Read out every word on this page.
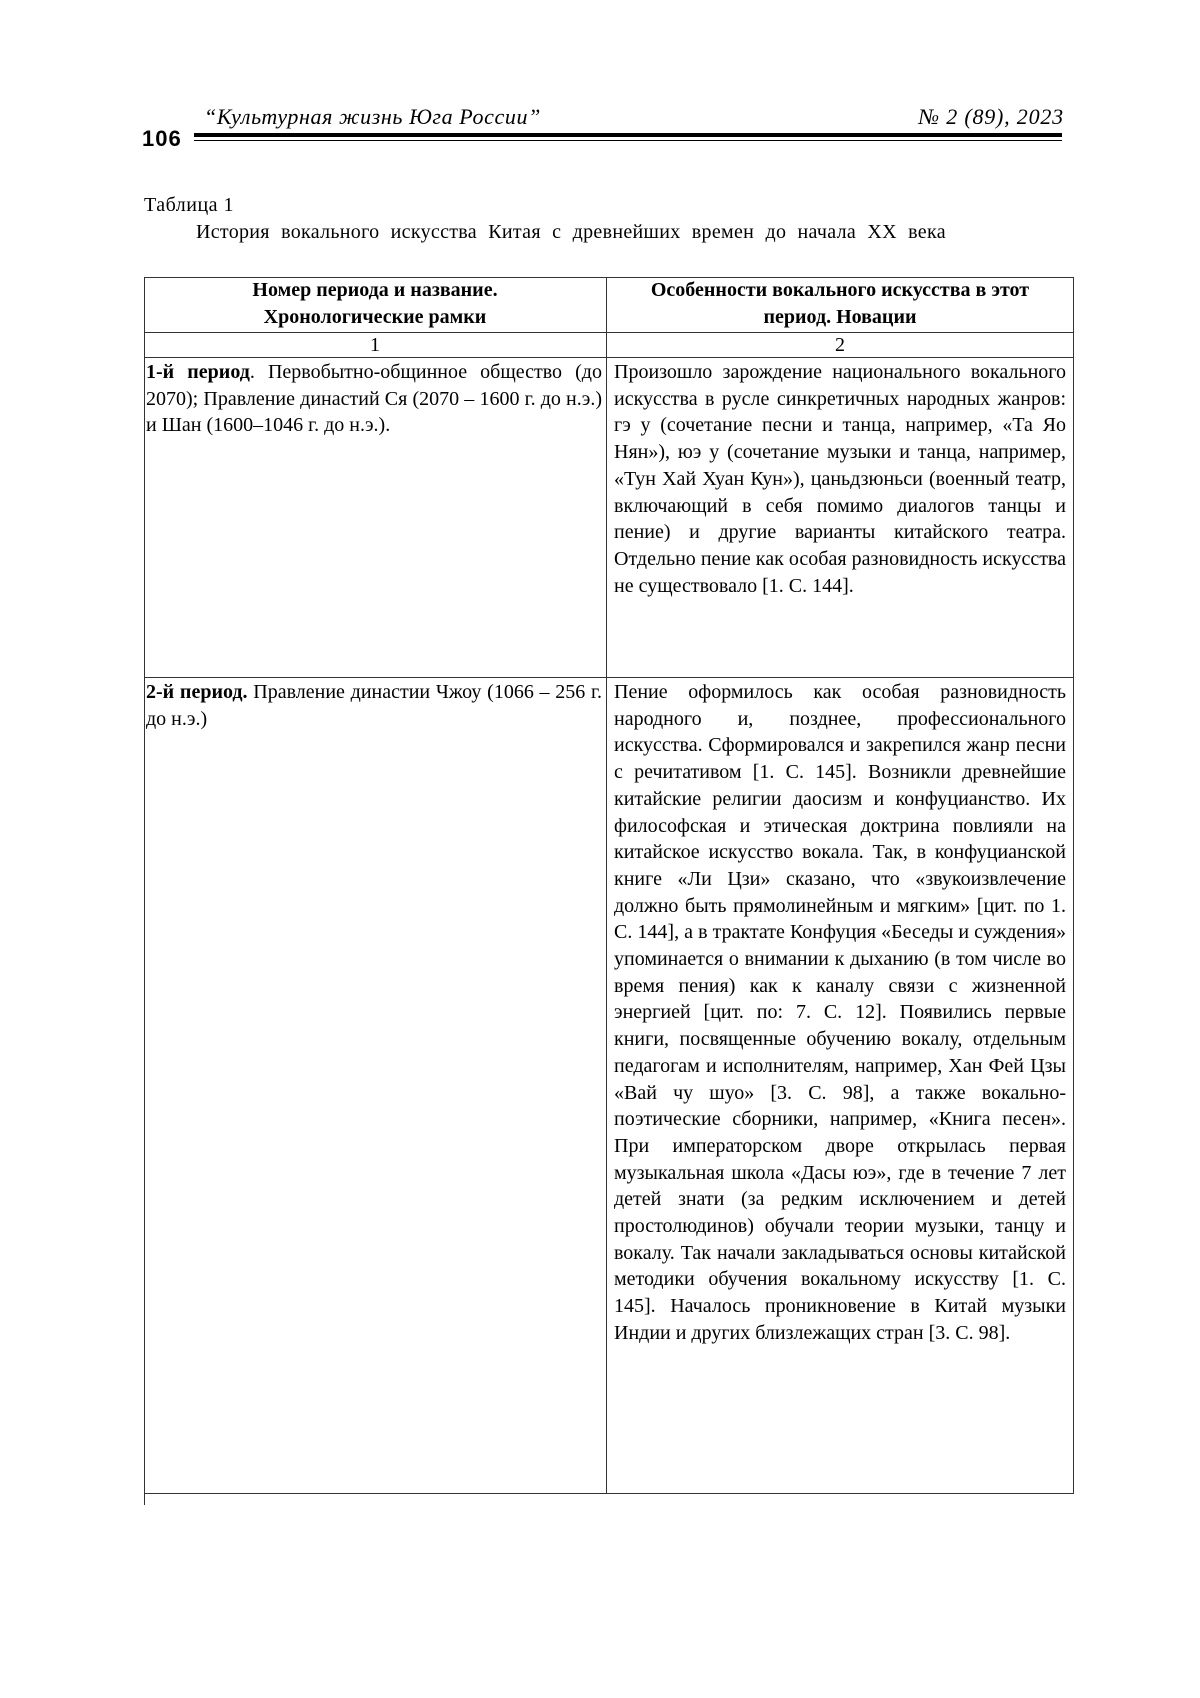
“Культурная жизнь Юга России”	№ 2 (89), 2023
106
Таблица 1
История вокального искусства Китая с древнейших времен до начала XX века
Номер периода и название.
Хронологические рамки
Особенности вокального искусства в этот
период. Новации
1	2
1-й период. Первобытно-общинное общество (до 2070); Правление династий Ся (2070 – 1600 г. до н.э.) и Шан (1600–1046 г. до н.э.).
Произошло зарождение национального вокального искусства в русле синкретичных народных жанров: гэ у (сочетание песни и танца, например, «Та Яо Нян»), юэ у (сочетание музыки и танца, например, «Тун Хай Хуан Кун»), цаньдзюньси (военный театр, включающий в себя помимо диалогов танцы и пение) и другие варианты китайского театра. Отдельно пение как особая разновидность искусства не существовало [1. С. 144].
2-й период. Правление династии Чжоу (1066 – 256 г. до н.э.)
Пение оформилось как особая разновидность народного и, позднее, профессионального искусства. Сформировался и закрепился жанр песни с речитативом [1. С. 145]. Возникли древнейшие китайские религии даосизм и конфуцианство. Их философская и этическая доктрина повлияли на китайское искусство вокала. Так, в конфуцианской книге «Ли Цзи» сказано, что «звукоизвлечение должно быть прямолинейным и мягким» [цит. по 1. С. 144], а в трактате Конфуция «Беседы и суждения» упоминается о внимании к дыханию (в том числе во время пения) как к каналу связи с жизненной энергией [цит. по: 7. С. 12]. Появились первые книги, посвященные обучению вокалу, отдельным педагогам и исполнителям, например, Хан Фей Цзы «Вай чу шуо» [3. С. 98], а также вокально-поэтические сборники, например, «Книга песен». При императорском дворе открылась первая музыкальная школа «Дасы юэ», где в течение 7 лет детей знати (за редким исключением и детей простолюдинов) обучали теории музыки, танцу и вокалу. Так начали закладываться основы китайской методики обучения вокальному искусству [1. С. 145]. Началось проникновение в Китай музыки Индии и других близлежащих стран [3. С. 98].
